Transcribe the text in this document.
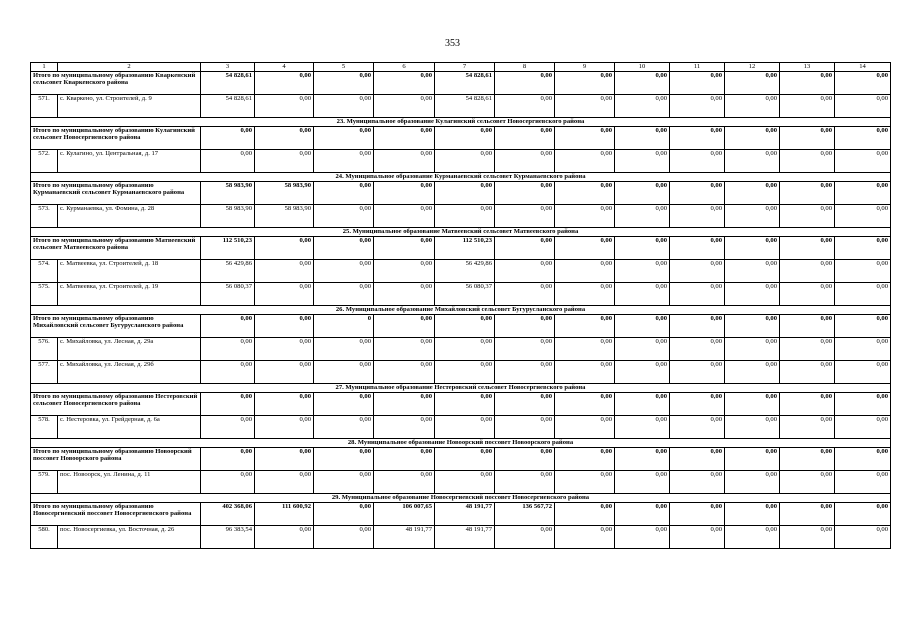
353
1	2	3	4	5	6	7	8	9	10	11	12	13	14
Итого по муниципальному образованию Кваркенский сельсовет Кваркенского района		54 828,61	0,00	0,00	0,00	54 828,61	0,00	0,00	0,00	0,00	0,00	0,00	0,00
571.	с. Кваркено, ул. Строителей, д. 9	54 828,61	0,00	0,00	0,00	54 828,61	0,00	0,00	0,00	0,00	0,00	0,00	0,00
23. Муниципальное образование Кулагинский сельсовет Новосергиевского района													
Итого по муниципальному образованию Кулагинский сельсовет Новосергиевского района		0,00	0,00	0,00	0,00	0,00	0,00	0,00	0,00	0,00	0,00	0,00	0,00
572.	с. Кулагино, ул. Центральная, д. 17	0,00	0,00	0,00	0,00	0,00	0,00	0,00	0,00	0,00	0,00	0,00	0,00
24. Муниципальное образование Курманаевский сельсовет Курманаевского района													
Итого по муниципальному образованию Курманаевский сельсовет Курманаевского района		58 983,90	58 983,90	0,00	0,00	0,00	0,00	0,00	0,00	0,00	0,00	0,00	0,00
573.	с. Курманаевка, ул. Фомина, д. 28	58 983,90	58 983,90	0,00	0,00	0,00	0,00	0,00	0,00	0,00	0,00	0,00	0,00
25. Муниципальное образование Матвеевский сельсовет Матвеевского района													
Итого по муниципальному образованию Матвеевский сельсовет Матвеевского района		112 510,23	0,00	0,00	0,00	112 510,23	0,00	0,00	0,00	0,00	0,00	0,00	0,00
574.	с. Матвеевка, ул. Строителей, д. 18	56 429,86	0,00	0,00	0,00	56 429,86	0,00	0,00	0,00	0,00	0,00	0,00	0,00
575.	с. Матвеевка, ул. Строителей, д. 19	56 080,37	0,00	0,00	0,00	56 080,37	0,00	0,00	0,00	0,00	0,00	0,00	0,00
26. Муниципальное образование Михайловский сельсовет Бугурусланского района													
Итого по муниципальному образованию Михайловский сельсовет Бугурусланского района		0,00	0,00	0	0,00	0,00	0,00	0,00	0,00	0,00	0,00	0,00	0,00
576.	с. Михайловка, ул. Лесная, д. 29а	0,00	0,00	0,00	0,00	0,00	0,00	0,00	0,00	0,00	0,00	0,00	0,00
577.	с. Михайловка, ул. Лесная, д. 29б	0,00	0,00	0,00	0,00	0,00	0,00	0,00	0,00	0,00	0,00	0,00	0,00
27. Муниципальное образование Нестеровский сельсовет Новосергиевского района													
Итого по муниципальному образованию Нестеровский сельсовет Новосергиевского района		0,00	0,00	0,00	0,00	0,00	0,00	0,00	0,00	0,00	0,00	0,00	0,00
578.	с. Нестеровка, ул. Грейдерная, д. 6а	0,00	0,00	0,00	0,00	0,00	0,00	0,00	0,00	0,00	0,00	0,00	0,00
28. Муниципальное образование Новоорский поссовет Новоорского района													
Итого по муниципальному образованию Новоорский поссовет Новоорского района		0,00	0,00	0,00	0,00	0,00	0,00	0,00	0,00	0,00	0,00	0,00	0,00
579.	пос. Новоорск, ул. Ленина, д. 11	0,00	0,00	0,00	0,00	0,00	0,00	0,00	0,00	0,00	0,00	0,00	0,00
29. Муниципальное образование Новосергиевский поссовет Новосергиевского района													
Итого по муниципальному образованию Новосергиевский поссовет Новосергиевского района		402 368,06	111 600,92	0,00	106 007,65	48 191,77	136 567,72	0,00	0,00	0,00	0,00	0,00	0,00
580.	пос. Новосергиевка, ул. Восточная, д. 26	96 383,54	0,00	0,00	48 191,77	48 191,77	0,00	0,00	0,00	0,00	0,00	0,00	0,00
